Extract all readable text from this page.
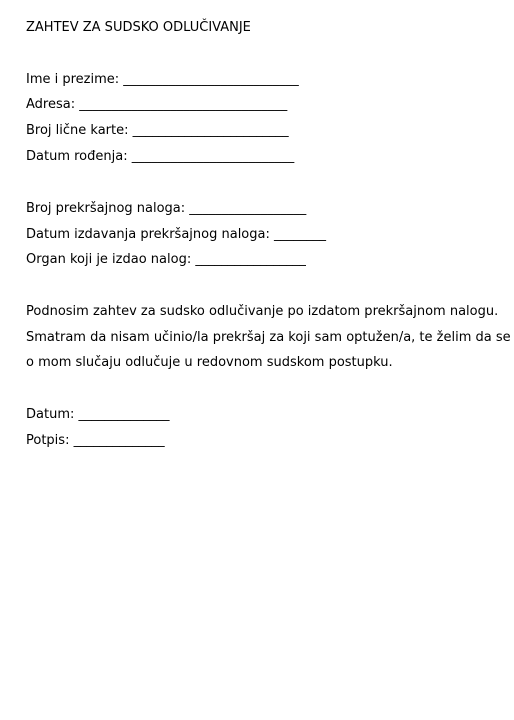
ZAHTEV ZA SUDSKO ODLUČIVANJE
Ime i prezime: ___________________________
Adresa: ________________________________
Broj lične karte: ________________________
Datum rođenja: _________________________
Broj prekršajnog naloga: __________________
Datum izdavanja prekršajnog naloga: ________
Organ koji je izdao nalog: _________________
Podnosim zahtev za sudsko odlučivanje po izdatom prekršajnom nalogu.
Smatram da nisam učinio/la prekršaj za koji sam optužen/a, te želim da se
o mom slučaju odlučuje u redovnom sudskom postupku.
Datum: ______________
Potpis: ______________
